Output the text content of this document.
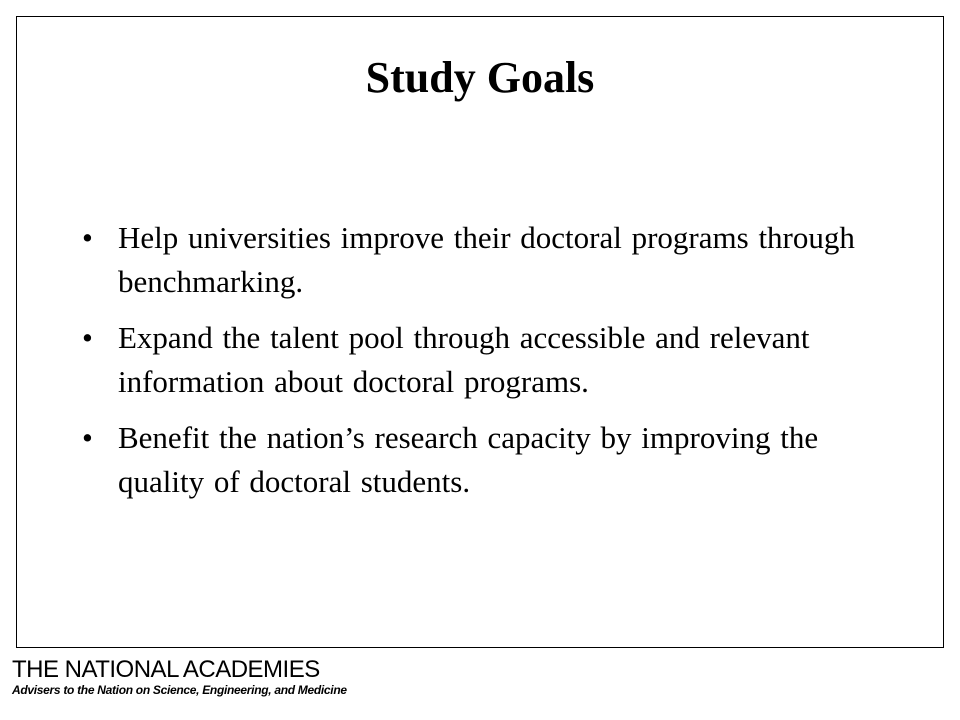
Study Goals
• Help universities improve their doctoral programs through benchmarking.
• Expand the talent pool through accessible and relevant information about doctoral programs.
• Benefit the nation’s research capacity by improving the quality of doctoral students.
THE NATIONAL ACADEMIES
Advisers to the Nation on Science, Engineering, and Medicine
